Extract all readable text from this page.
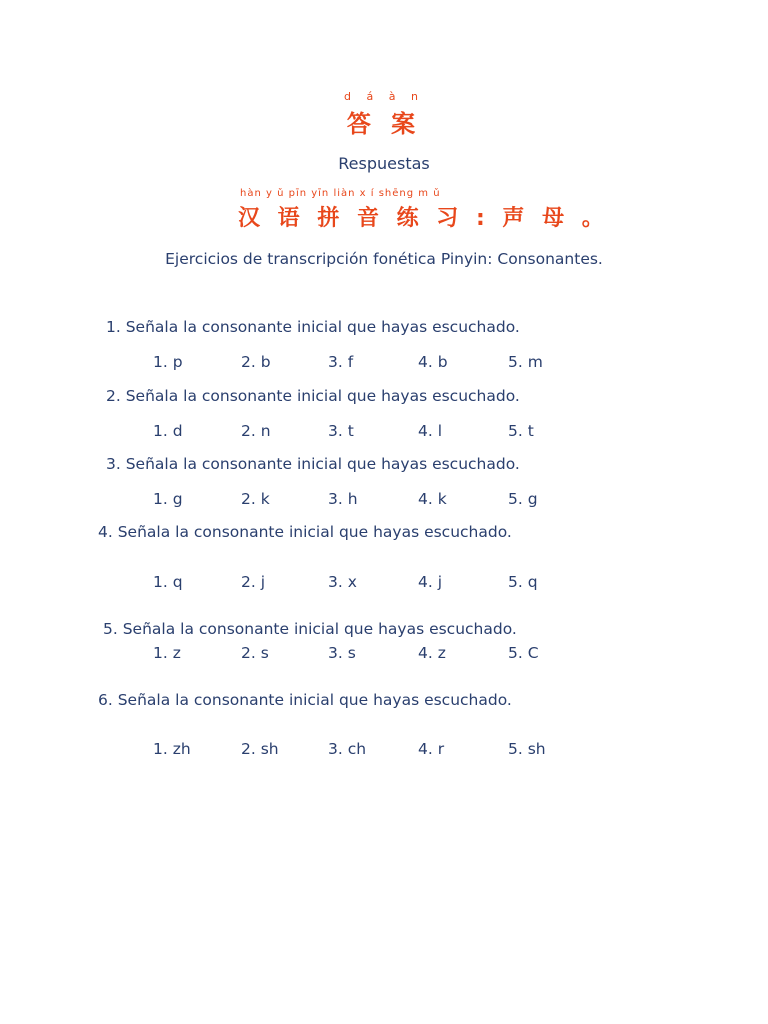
d á à n
答 案
Respuestas
hàn y ǔ pīn yīn liàn x í shēng m ǔ
汉 语 拼 音 练 习 : 声 母 。
Ejercicios de transcripción fonética Pinyin: Consonantes.
1. Señala la consonante inicial que hayas escuchado.
1. p	2. b	3. f	4. b	5. m
2. Señala la consonante inicial que hayas escuchado.
1. d	2. n	3. t	4. l	5. t
3. Señala la consonante inicial que hayas escuchado.
1. g	2. k	3. h	4. k	5. g
4. Señala la consonante inicial que hayas escuchado.
1. q	2. j	3. x	4. j	5. q
5. Señala la consonante inicial que hayas escuchado.
1. z	2. s	3. s	4. z	5. C
6. Señala la consonante inicial que hayas escuchado.
1. zh	2. sh	3. ch	4. r	5. sh
